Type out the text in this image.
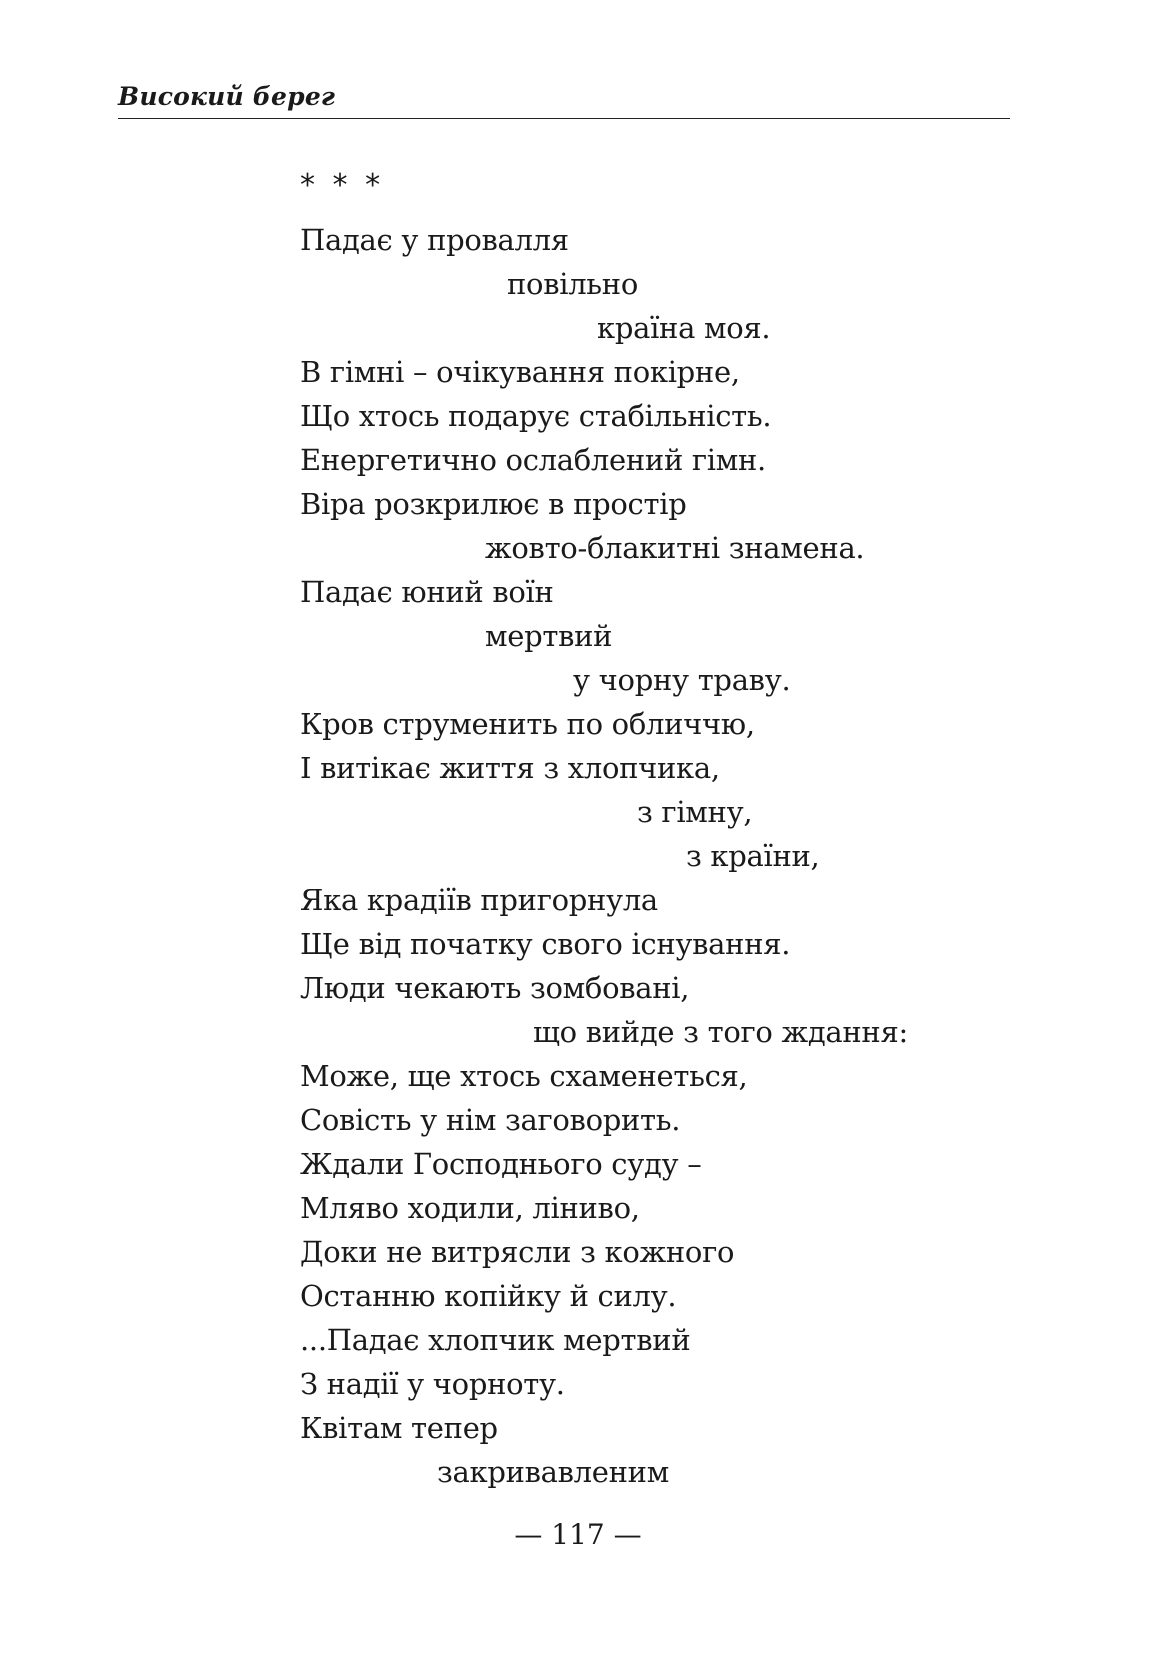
Високий берег
* * *
Падає у провалля
повільно
країна моя.
В гімні – очікування покірне,
Що хтось подарує стабільність.
Енергетично ослаблений гімн.
Віра розкрилює в простір
жовто-блакитні знамена.
Падає юний воїн
мертвий
у чорну траву.
Кров струменить по обличчю,
І витікає життя з хлопчика,
з гімну,
з країни,
Яка крадіїв пригорнула
Ще від початку свого існування.
Люди чекають зомбовані,
що вийде з того ждання:
Може, ще хтось схаменеться,
Совість у нім заговорить.
Ждали Господнього суду –
Мляво ходили, ліниво,
Доки не витрясли з кожного
Останню копійку й силу.
...Падає хлопчик мертвий
З надії у чорноту.
Квітам тепер
закривавленим
— 117 —
